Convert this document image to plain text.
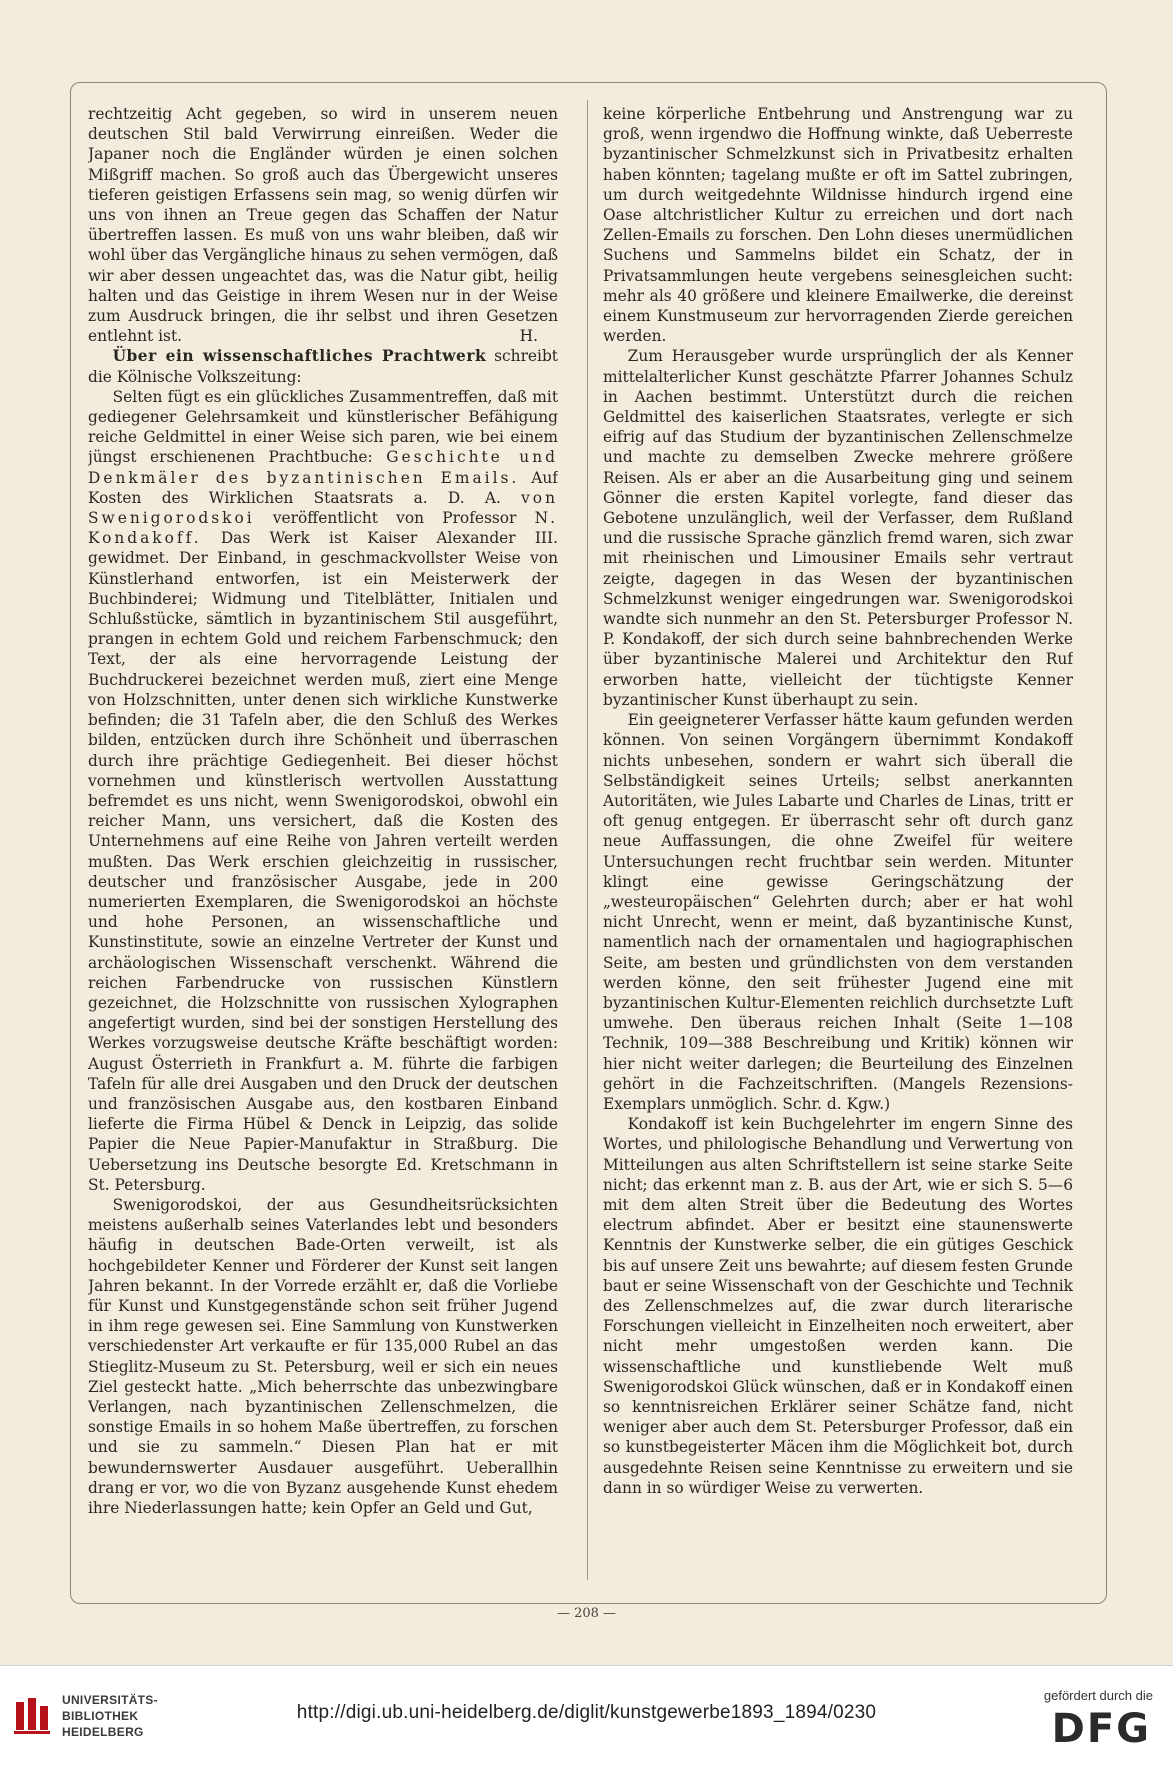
rechtzeitig Acht gegeben, so wird in unserem neuen deutschen Stil bald Verwirrung einreißen. Weder die Japaner noch die Engländer würden je einen solchen Mißgriff machen. So groß auch das Übergewicht unseres tieferen geistigen Erfassens sein mag, so wenig dürfen wir uns von ihnen an Treue gegen das Schaffen der Natur übertreffen lassen. Es muß von uns wahr bleiben, daß wir wohl über das Vergängliche hinaus zu sehen vermögen, daß wir aber dessen ungeachtet das, was die Natur gibt, heilig halten und das Geistige in ihrem Wesen nur in der Weise zum Ausdruck bringen, die ihr selbst und ihren Gesetzen entlehnt ist.	H.

Über ein wissenschaftliches Prachtwerk schreibt die Kölnische Volkszeitung:

Selten fügt es ein glückliches Zusammentreffen, daß mit gediegener Gelehrsamkeit und künstlerischer Befähigung reiche Geldmittel in einer Weise sich paren, wie bei einem jüngst erschienenen Prachtbuche: Geschichte und Denkmäler des byzantinischen Emails. Auf Kosten des Wirklichen Staatsrats a. D. A. von Swenigorodskoi veröffentlicht von Professor N. Kondakoff. Das Werk ist Kaiser Alexander III. gewidmet. Der Einband, in geschmackvollster Weise von Künstlerhand entworfen, ist ein Meisterwerk der Buchbinderei; Widmung und Titelblätter, Initialen und Schlußstücke, sämtlich in byzantinischem Stil ausgeführt, prangen in echtem Gold und reichem Farbenschmuck; den Text, der als eine hervorragende Leistung der Buchdruckerei bezeichnet werden muß, ziert eine Menge von Holzschnitten, unter denen sich wirkliche Kunstwerke befinden; die 31 Tafeln aber, die den Schluß des Werkes bilden, entzücken durch ihre Schönheit und überraschen durch ihre prächtige Gediegenheit. Bei dieser höchst vornehmen und künstlerisch wertvollen Ausstattung befremdet es uns nicht, wenn Swenigorodskoi, obwohl ein reicher Mann, uns versichert, daß die Kosten des Unternehmens auf eine Reihe von Jahren verteilt werden mußten. Das Werk erschien gleichzeitig in russischer, deutscher und französischer Ausgabe, jede in 200 numerierten Exemplaren, die Swenigorodskoi an höchste und hohe Personen, an wissenschaftliche und Kunstinstitute, sowie an einzelne Vertreter der Kunst und archäologischen Wissenschaft verschenkt. Während die reichen Farbendrucke von russischen Künstlern gezeichnet, die Holzschnitte von russischen Xylographen angefertigt wurden, sind bei der sonstigen Herstellung des Werkes vorzugsweise deutsche Kräfte beschäftigt worden: August Österrieth in Frankfurt a. M. führte die farbigen Tafeln für alle drei Ausgaben und den Druck der deutschen und französischen Ausgabe aus, den kostbaren Einband lieferte die Firma Hübel & Denck in Leipzig, das solide Papier die Neue Papier-Manufaktur in Straßburg. Die Uebersetzung ins Deutsche besorgte Ed. Kretschmann in St. Petersburg.

Swenigorodskoi, der aus Gesundheitsrücksichten meistens außerhalb seines Vaterlandes lebt und besonders häufig in deutschen Bade-Orten verweilt, ist als hochgebildeter Kenner und Förderer der Kunst seit langen Jahren bekannt. In der Vorrede erzählt er, daß die Vorliebe für Kunst und Kunstgegenstände schon seit früher Jugend in ihm rege gewesen sei. Eine Sammlung von Kunstwerken verschiedenster Art verkaufte er für 135,000 Rubel an das Stieglitz-Museum zu St. Petersburg, weil er sich ein neues Ziel gesteckt hatte. „Mich beherrschte das unbezwingbare Verlangen, nach byzantinischen Zellenschmelzen, die sonstige Emails in so hohem Maße übertreffen, zu forschen und sie zu sammeln.“ Diesen Plan hat er mit bewundernswerter Ausdauer ausgeführt. Ueberallhin drang er vor, wo die von Byzanz ausgehende Kunst ehedem ihre Niederlassungen hatte; kein Opfer an Geld und Gut,

keine körperliche Entbehrung und Anstrengung war zu groß, wenn irgendwo die Hoffnung winkte, daß Ueberreste byzantinischer Schmelzkunst sich in Privatbesitz erhalten haben könnten; tagelang mußte er oft im Sattel zubringen, um durch weitgedehnte Wildnisse hindurch irgend eine Oase altchristlicher Kultur zu erreichen und dort nach Zellen-Emails zu forschen. Den Lohn dieses unermüdlichen Suchens und Sammelns bildet ein Schatz, der in Privatsammlungen heute vergebens seinesgleichen sucht: mehr als 40 größere und kleinere Emailwerke, die dereinst einem Kunstmuseum zur hervorragenden Zierde gereichen werden.

Zum Herausgeber wurde ursprünglich der als Kenner mittelalterlicher Kunst geschätzte Pfarrer Johannes Schulz in Aachen bestimmt. Unterstützt durch die reichen Geldmittel des kaiserlichen Staatsrates, verlegte er sich eifrig auf das Studium der byzantinischen Zellenschmelze und machte zu demselben Zwecke mehrere größere Reisen. Als er aber an die Ausarbeitung ging und seinem Gönner die ersten Kapitel vorlegte, fand dieser das Gebotene unzulänglich, weil der Verfasser, dem Rußland und die russische Sprache gänzlich fremd waren, sich zwar mit rheinischen und Limousiner Emails sehr vertraut zeigte, dagegen in das Wesen der byzantinischen Schmelzkunst weniger eingedrungen war. Swenigorodskoi wandte sich nunmehr an den St. Petersburger Professor N. P. Kondakoff, der sich durch seine bahnbrechenden Werke über byzantinische Malerei und Architektur den Ruf erworben hatte, vielleicht der tüchtigste Kenner byzantinischer Kunst überhaupt zu sein.

Ein geeigneterer Verfasser hätte kaum gefunden werden können. Von seinen Vorgängern übernimmt Kondakoff nichts unbesehen, sondern er wahrt sich überall die Selbständigkeit seines Urteils; selbst anerkannten Autoritäten, wie Jules Labarte und Charles de Linas, tritt er oft genug entgegen. Er überrascht sehr oft durch ganz neue Auffassungen, die ohne Zweifel für weitere Untersuchungen recht fruchtbar sein werden. Mitunter klingt eine gewisse Geringschätzung der „westeuropäischen“ Gelehrten durch; aber er hat wohl nicht Unrecht, wenn er meint, daß byzantinische Kunst, namentlich nach der ornamentalen und hagiographischen Seite, am besten und gründlichsten von dem verstanden werden könne, den seit frühester Jugend eine mit byzantinischen Kultur-Elementen reichlich durchsetzte Luft umwehe. Den überaus reichen Inhalt (Seite 1—108 Technik, 109—388 Beschreibung und Kritik) können wir hier nicht weiter darlegen; die Beurteilung des Einzelnen gehört in die Fachzeitschriften. (Mangels Rezensions-Exemplars unmöglich. Schr. d. Kgw.)

Kondakoff ist kein Buchgelehrter im engern Sinne des Wortes, und philologische Behandlung und Verwertung von Mitteilungen aus alten Schriftstellern ist seine starke Seite nicht; das erkennt man z. B. aus der Art, wie er sich S. 5—6 mit dem alten Streit über die Bedeutung des Wortes electrum abfindet. Aber er besitzt eine staunenswerte Kenntnis der Kunstwerke selber, die ein gütiges Geschick bis auf unsere Zeit uns bewahrte; auf diesem festen Grunde baut er seine Wissenschaft von der Geschichte und Technik des Zellenschmelzes auf, die zwar durch literarische Forschungen vielleicht in Einzelheiten noch erweitert, aber nicht mehr umgestoßen werden kann. Die wissenschaftliche und kunstliebende Welt muß Swenigorodskoi Glück wünschen, daß er in Kondakoff einen so kenntnisreichen Erklärer seiner Schätze fand, nicht weniger aber auch dem St. Petersburger Professor, daß ein so kunstbegeisterter Mäcen ihm die Möglichkeit bot, durch ausgedehnte Reisen seine Kenntnisse zu erweitern und sie dann in so würdiger Weise zu verwerten.

— 208 —
UNIVERSITÄTS-
BIBLIOTHEK
HEIDELBERG
http://digi.ub.uni-heidelberg.de/diglit/kunstgewerbe1893_1894/0230
gefördert durch die
DFG
